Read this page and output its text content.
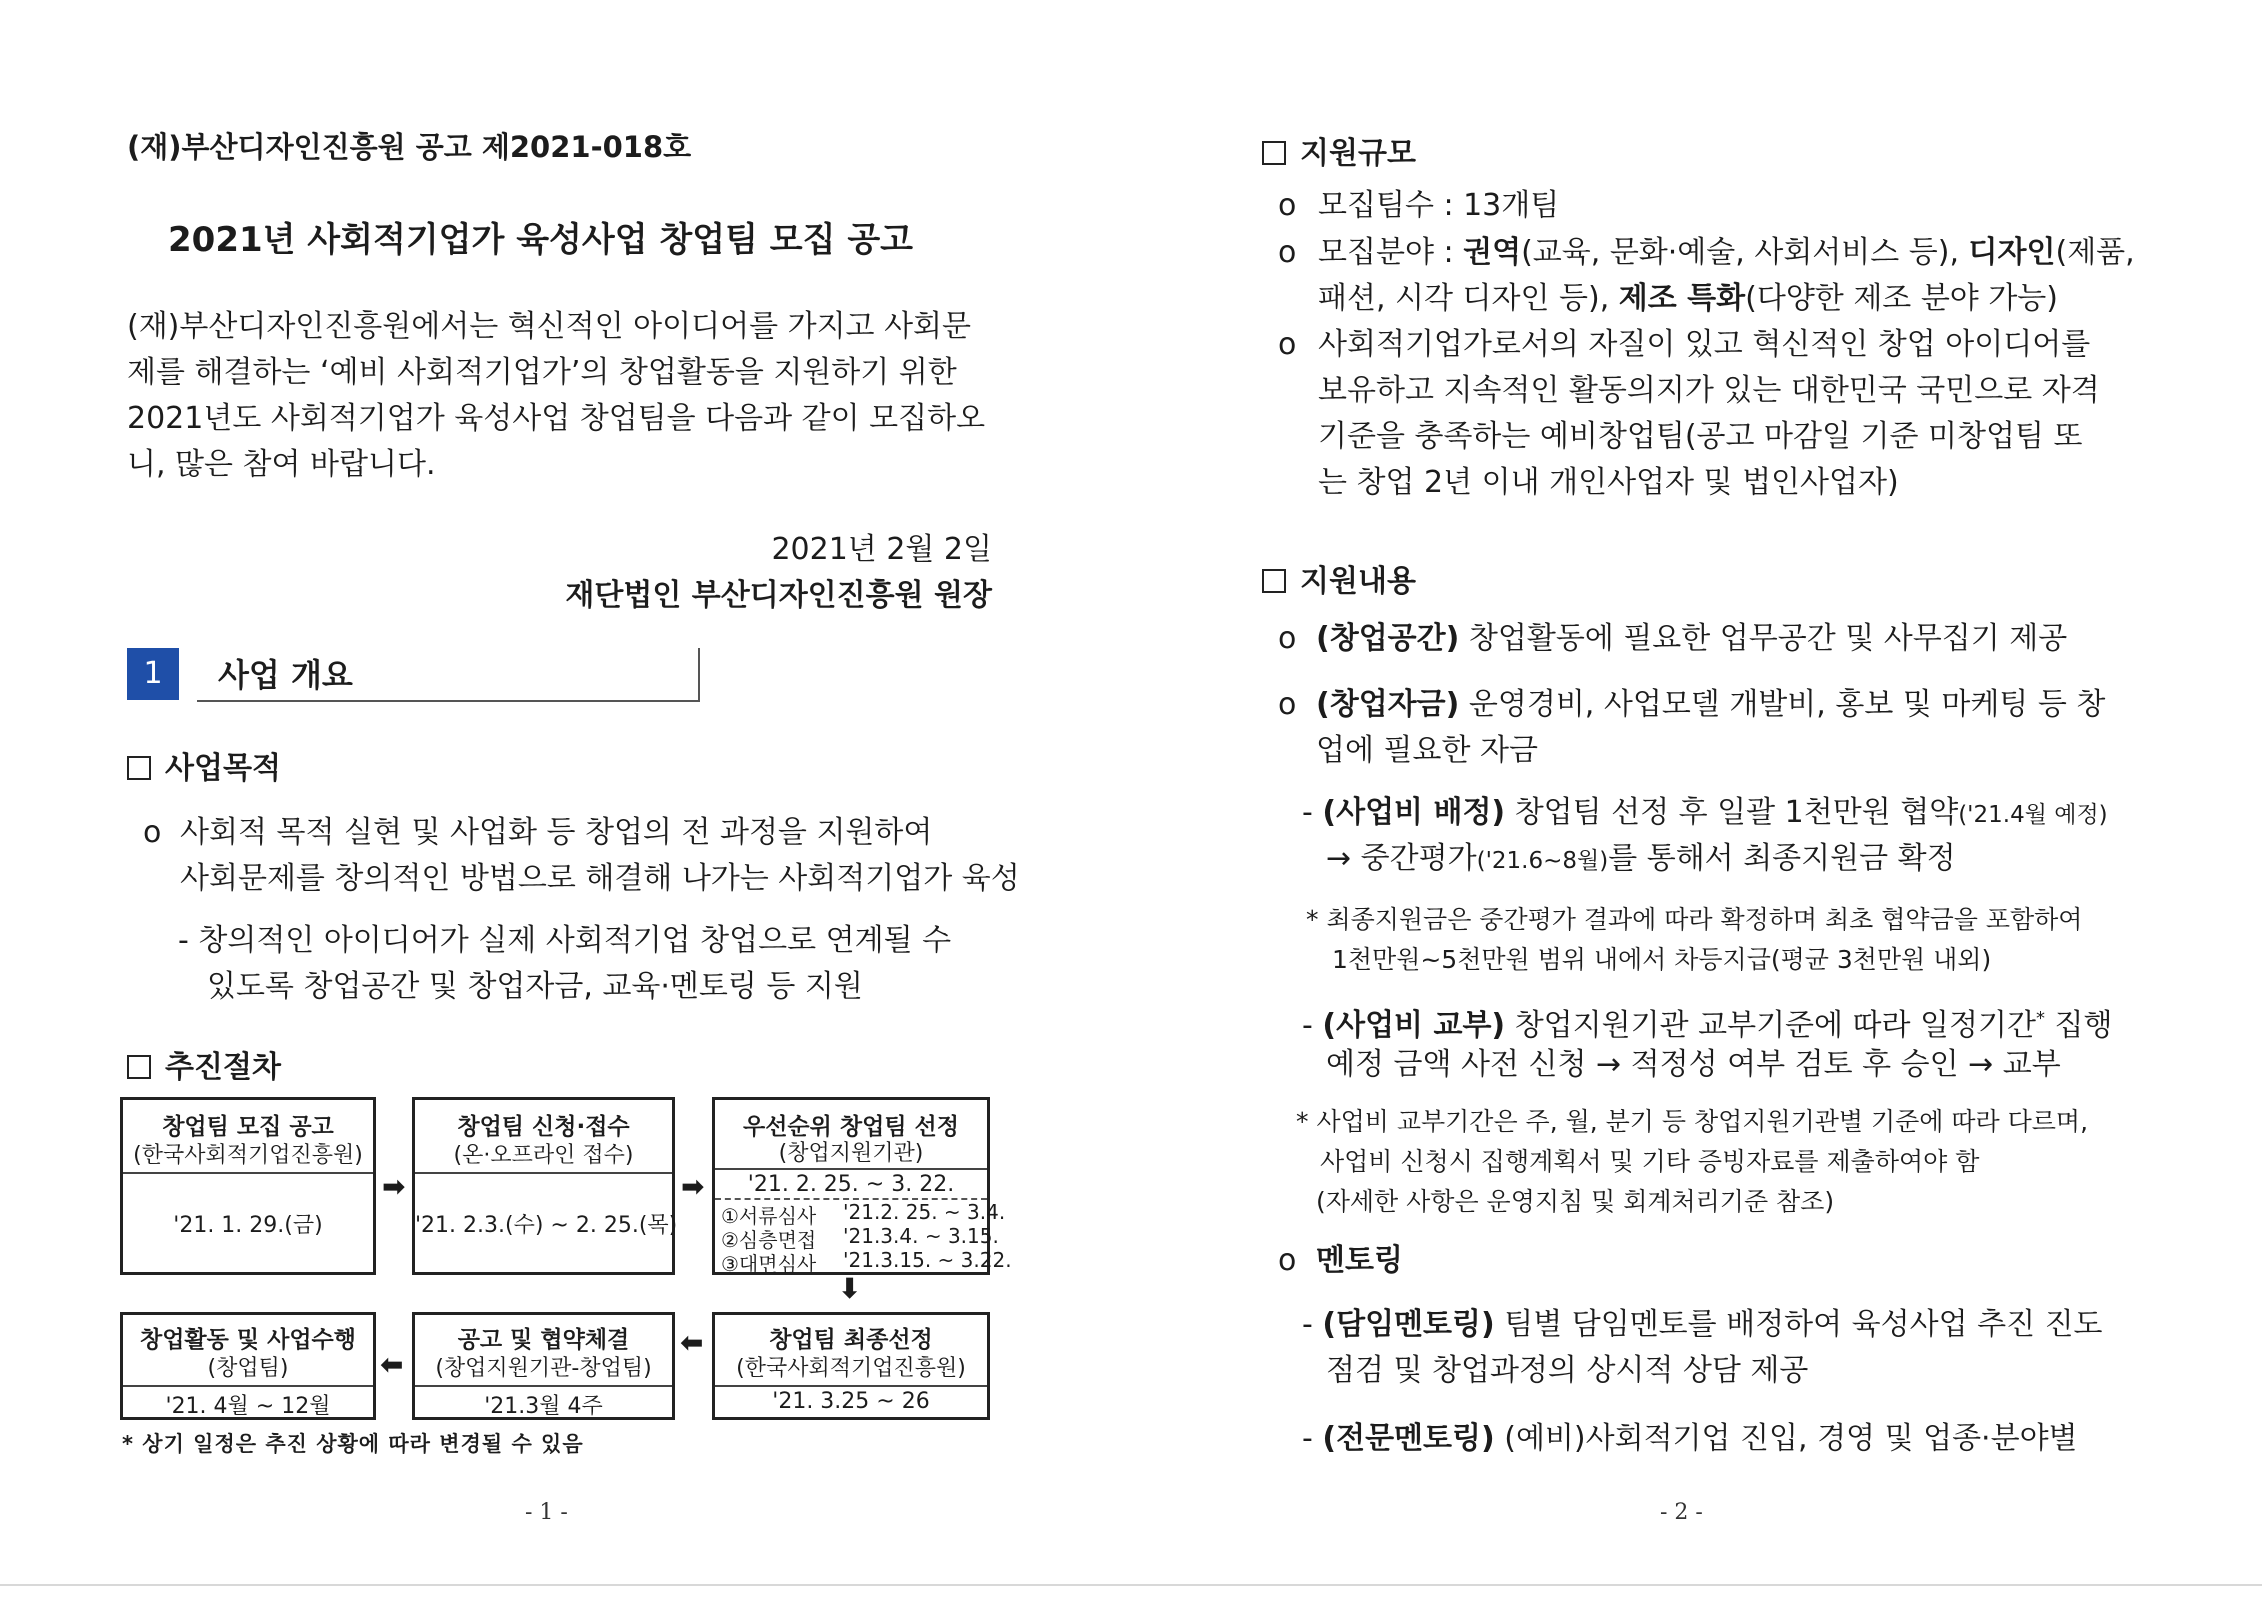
(재)부산디자인진흥원 공고 제2021-018호
2021년 사회적기업가 육성사업 창업팀 모집 공고
(재)부산디자인진흥원에서는 혁신적인 아이디어를 가지고 사회문
제를 해결하는 ‘예비 사회적기업가’의 창업활동을 지원하기 위한
2021년도 사회적기업가 육성사업 창업팀을 다음과 같이 모집하오
니, 많은 참여 바랍니다.
2021년 2월 2일
재단법인 부산디자인진흥원 원장
1	사업 개요
사업목적
o 사회적 목적 실현 및 사업화 등 창업의 전 과정을 지원하여
사회문제를 창의적인 방법으로 해결해 나가는 사회적기업가 육성
- 창의적인 아이디어가 실제 사회적기업 창업으로 연계될 수
있도록 창업공간 및 창업자금, 교육·멘토링 등 지원
추진절차
창업팀 모집 공고
(한국사회적기업진흥원)
'21. 1. 29.(금)
➡
창업팀 신청·접수
(온·오프라인 접수)
'21. 2.3.(수) ~ 2. 25.(목)
➡
우선순위 창업팀 선정
(창업지원기관)
'21. 2. 25. ~ 3. 22.
①서류심사 '21.2. 25. ~ 3.4.
②심층면접 '21.3.4. ~ 3.15.
③대면심사 '21.3.15. ~ 3.22.
⬇
창업활동 및 사업수행
(창업팀)
'21. 4월 ~ 12월
⬅
공고 및 협약체결
(창업지원기관-창업팀)
'21.3월 4주
⬅	창업팀 최종선정
(한국사회적기업진흥원)
'21. 3.25 ~ 26
* 상기 일정은 추진 상황에 따라 변경될 수 있음
- 1 -
지원규모
o 모집팀수 : 13개팀
o 모집분야 : 권역(교육, 문화·예술, 사회서비스 등), 디자인(제품,
패션, 시각 디자인 등), 제조 특화(다양한 제조 분야 가능)
o 사회적기업가로서의 자질이 있고 혁신적인 창업 아이디어를
보유하고 지속적인 활동의지가 있는 대한민국 국민으로 자격
기준을 충족하는 예비창업팀(공고 마감일 기준 미창업팀 또
는 창업 2년 이내 개인사업자 및 법인사업자)
지원내용
o (창업공간) 창업활동에 필요한 업무공간 및 사무집기 제공
o (창업자금) 운영경비, 사업모델 개발비, 홍보 및 마케팅 등 창
업에 필요한 자금
- (사업비 배정) 창업팀 선정 후 일괄 1천만원 협약('21.4월 예정)
→ 중간평가('21.6~8월)를 통해서 최종지원금 확정
* 최종지원금은 중간평가 결과에 따라 확정하며 최초 협약금을 포함하여
1천만원~5천만원 범위 내에서 차등지급(평균 3천만원 내외)
- (사업비 교부) 창업지원기관 교부기준에 따라 일정기간* 집행
예정 금액 사전 신청 → 적정성 여부 검토 후 승인 → 교부
* 사업비 교부기간은 주, 월, 분기 등 창업지원기관별 기준에 따라 다르며,
사업비 신청시 집행계획서 및 기타 증빙자료를 제출하여야 함
(자세한 사항은 운영지침 및 회계처리기준 참조)
o 멘토링
- (담임멘토링) 팀별 담임멘토를 배정하여 육성사업 추진 진도
점검 및 창업과정의 상시적 상담 제공
- (전문멘토링) (예비)사회적기업 진입, 경영 및 업종·분야별
- 2 -
